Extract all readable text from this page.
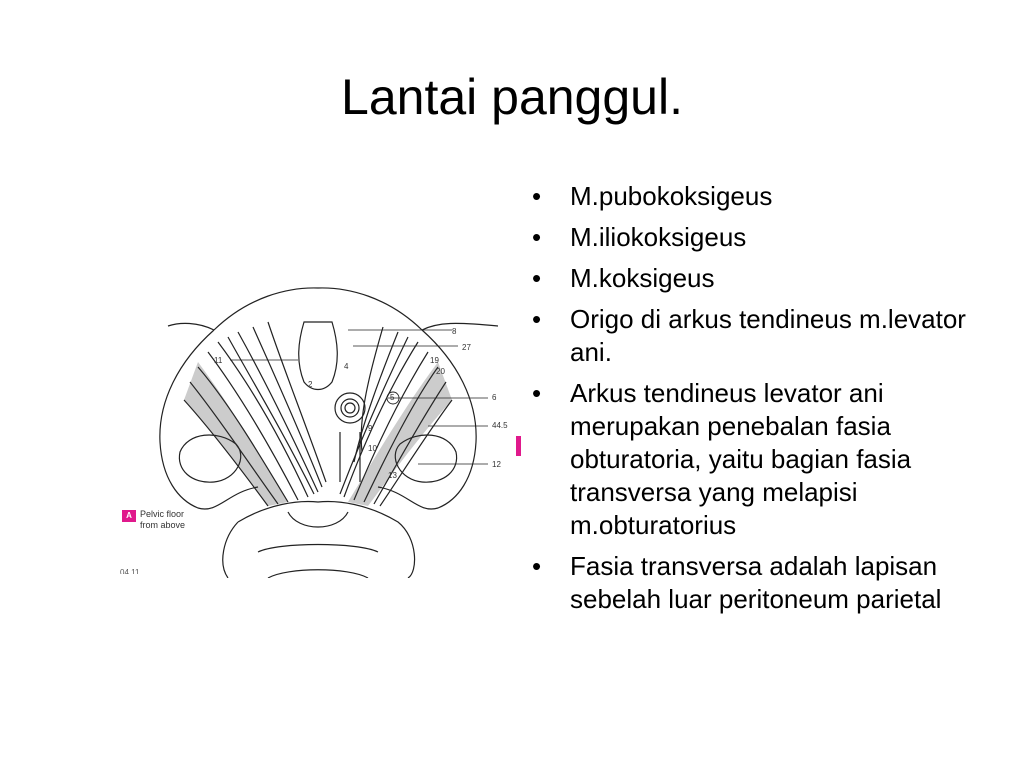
Lantai panggul.
8
27
19
20
11
6
44.5
12
4
5
2
9
10
13
A Pelvic floor
from above
04.11
•	M.pubokoksigeus
•	M.iliokoksigeus
•	M.koksigeus
•	Origo di arkus tendineus m.levator ani.
•	Arkus tendineus levator ani merupakan penebalan fasia obturatoria, yaitu bagian fasia transversa yang melapisi m.obturatorius
•	Fasia transversa adalah lapisan sebelah luar peritoneum parietal
